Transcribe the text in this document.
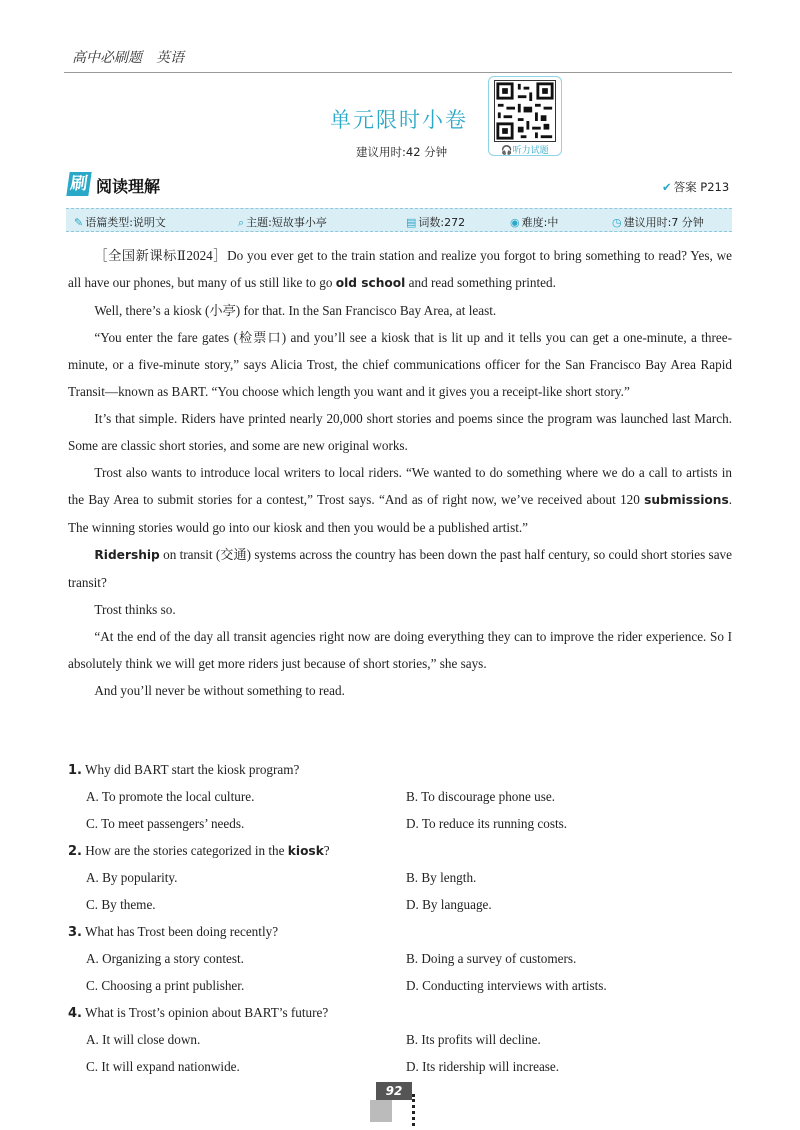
高中必刷题　英语
单元限时小卷
建议用时:42 分钟	🎧听力试题
刷 阅读理解	✔ 答案 P213
✎ 语篇类型:说明文	⌕ 主题:短故事小亭	▤ 词数:272	◉ 难度:中	◷ 建议用时:7 分钟

［全国新课标Ⅱ2024］Do you ever get to the train station and realize you forgot to bring something to read? Yes, we all have our phones, but many of us still like to go old school and read something printed.

Well, there’s a kiosk (小亭) for that. In the San Francisco Bay Area, at least.

“You enter the fare gates (检票口) and you’ll see a kiosk that is lit up and it tells you can get a one-minute, a three-minute, or a five-minute story,” says Alicia Trost, the chief communications officer for the San Francisco Bay Area Rapid Transit—known as BART. “You choose which length you want and it gives you a receipt-like short story.”

It’s that simple. Riders have printed nearly 20,000 short stories and poems since the program was launched last March. Some are classic short stories, and some are new original works.

Trost also wants to introduce local writers to local riders. “We wanted to do something where we do a call to artists in the Bay Area to submit stories for a contest,” Trost says. “And as of right now, we’ve received about 120 submissions. The winning stories would go into our kiosk and then you would be a published artist.”

Ridership on transit (交通) systems across the country has been down the past half century, so could short stories save transit?

Trost thinks so.

“At the end of the day all transit agencies right now are doing everything they can to improve the rider experience. So I absolutely think we will get more riders just because of short stories,” she says.

And you’ll never be without something to read.

1. Why did BART start the kiosk program?
A. To promote the local culture.	B. To discourage phone use.
C. To meet passengers’ needs.	D. To reduce its running costs.
2. How are the stories categorized in the kiosk?
A. By popularity.	B. By length.
C. By theme.	D. By language.
3. What has Trost been doing recently?
A. Organizing a story contest.	B. Doing a survey of customers.
C. Choosing a print publisher.	D. Conducting interviews with artists.
4. What is Trost’s opinion about BART’s future?
A. It will close down.	B. Its profits will decline.
C. It will expand nationwide.	D. Its ridership will increase.
92
